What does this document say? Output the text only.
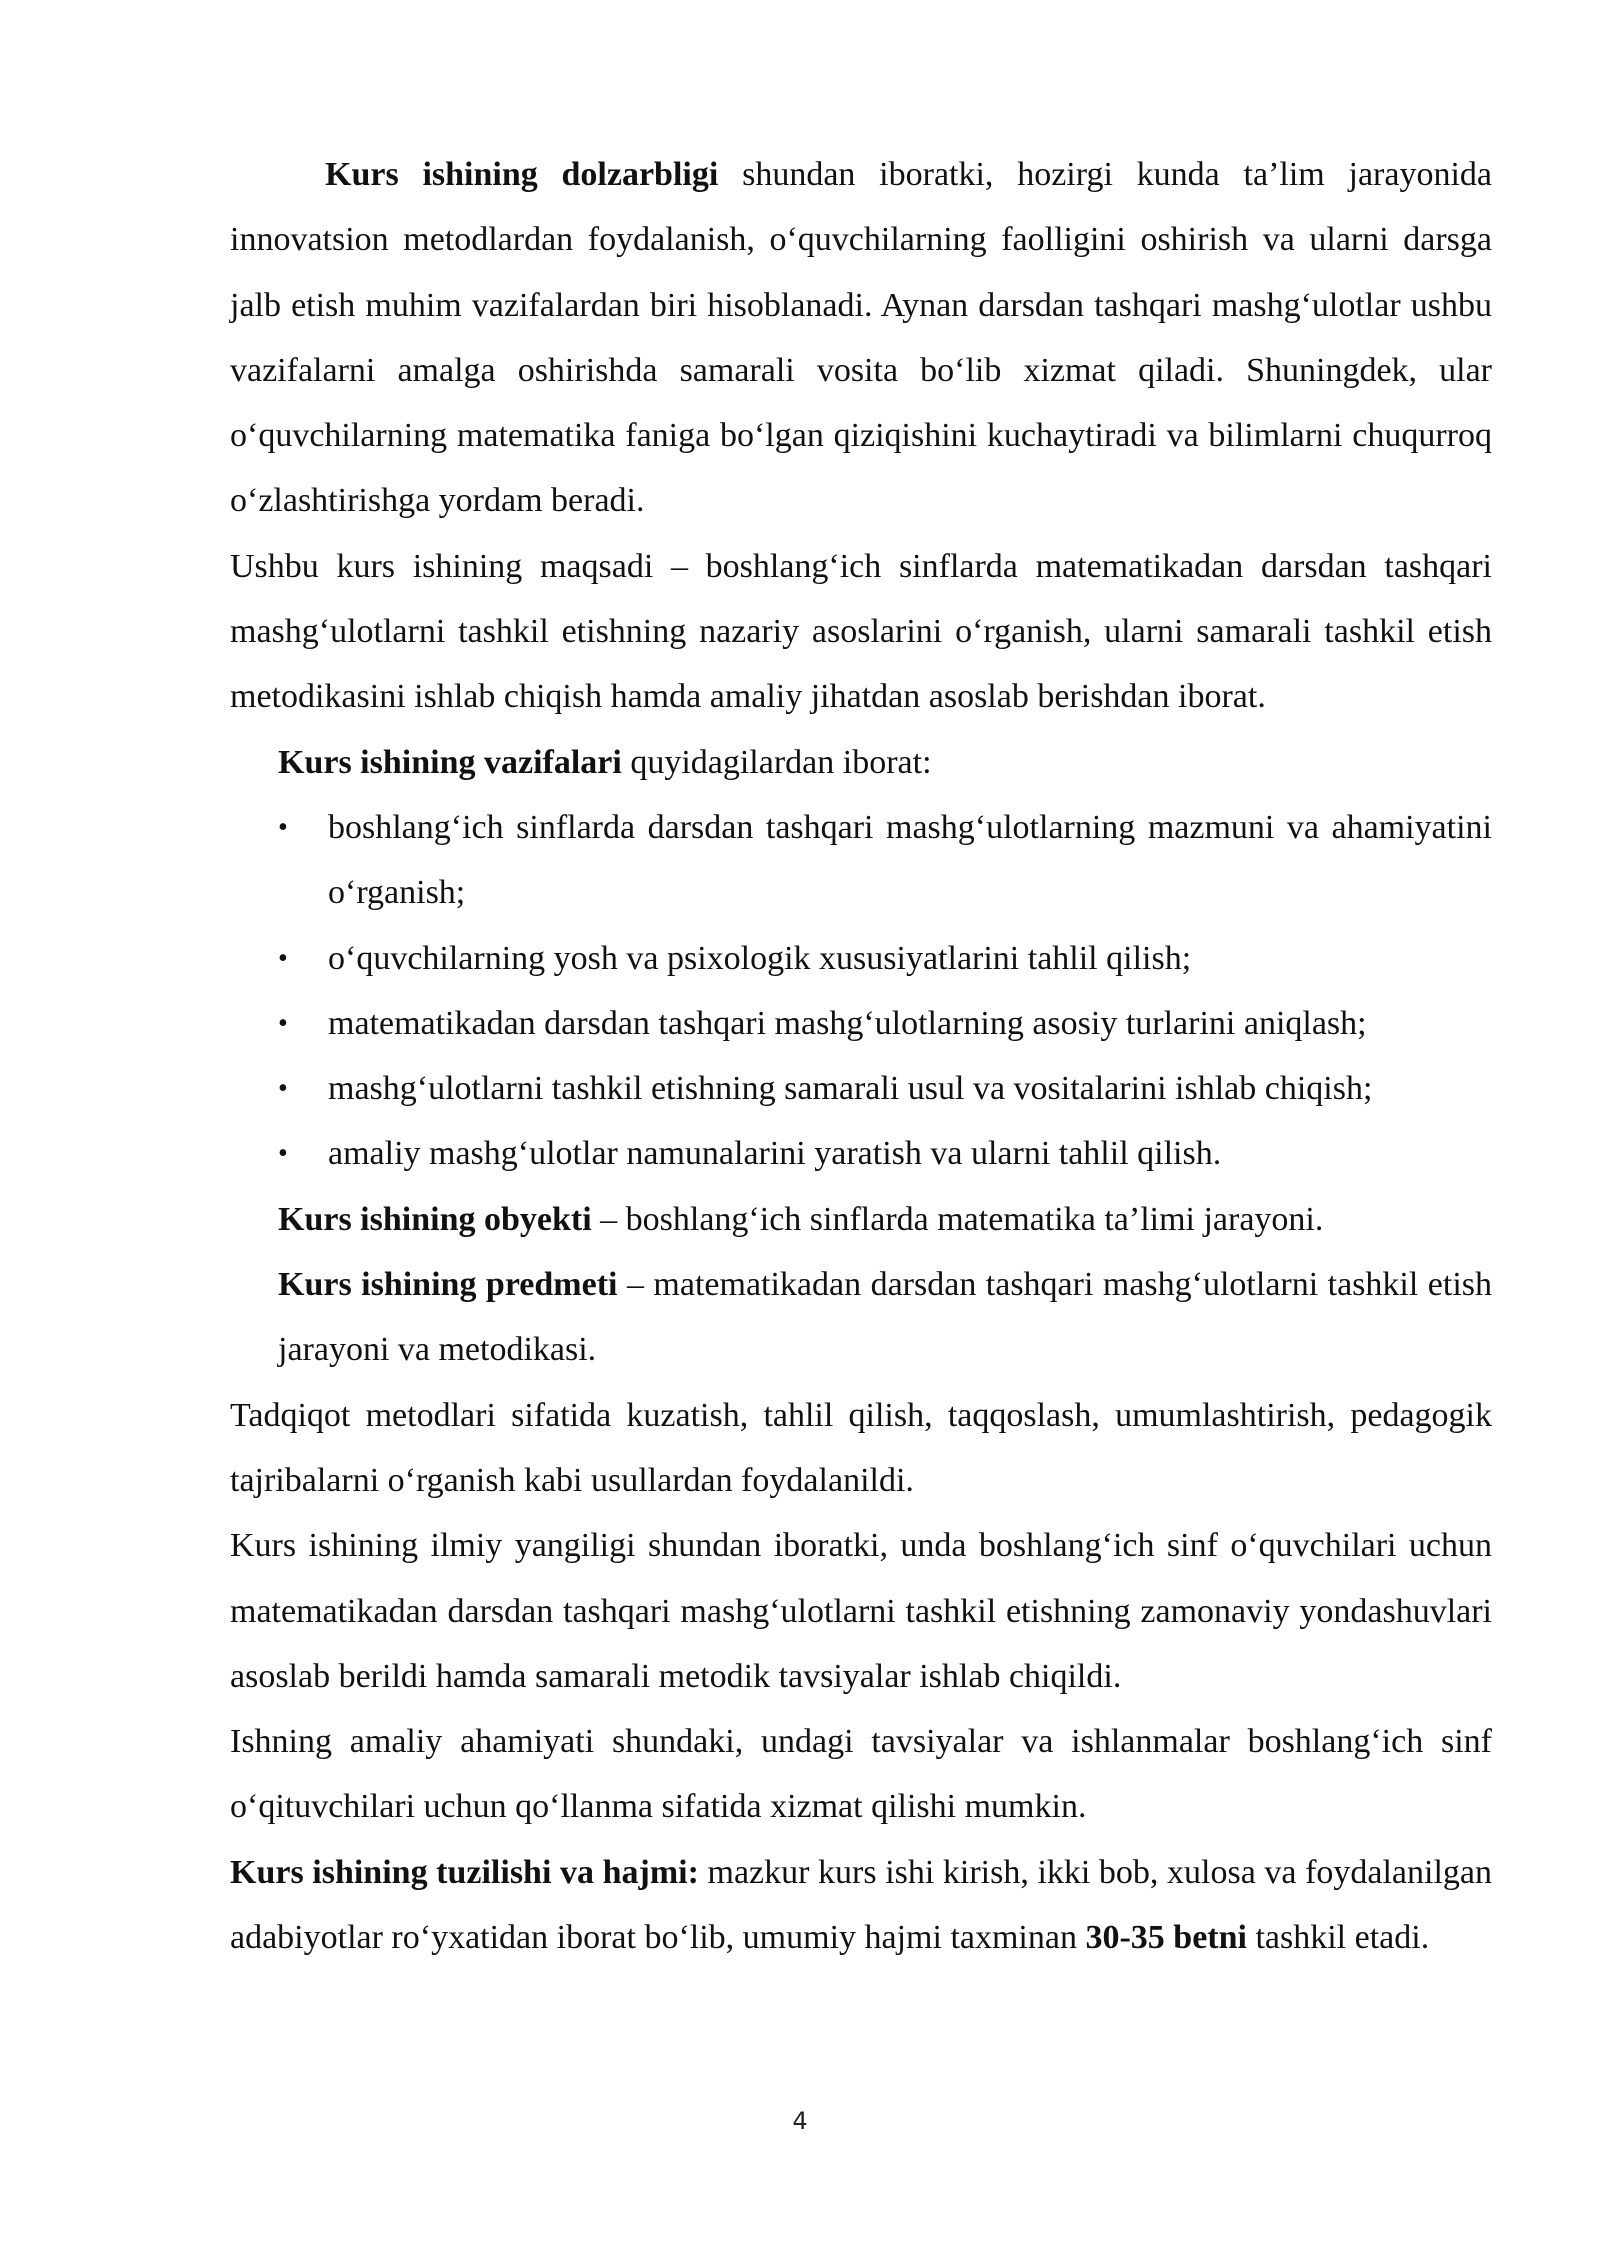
Kurs ishining dolzarbligi shundan iboratki, hozirgi kunda ta’lim jarayonida innovatsion metodlardan foydalanish, o‘quvchilarning faolligini oshirish va ularni darsga jalb etish muhim vazifalardan biri hisoblanadi. Aynan darsdan tashqari mashg‘ulotlar ushbu vazifalarni amalga oshirishda samarali vosita bo‘lib xizmat qiladi. Shuningdek, ular o‘quvchilarning matematika faniga bo‘lgan qiziqishini kuchaytiradi va bilimlarni chuqurroq o‘zlashtirishga yordam beradi.

Ushbu kurs ishining maqsadi – boshlang‘ich sinflarda matematikadan darsdan tashqari mashg‘ulotlarni tashkil etishning nazariy asoslarini o‘rganish, ularni samarali tashkil etish metodikasini ishlab chiqish hamda amaliy jihatdan asoslab berishdan iborat.

Kurs ishining vazifalari quyidagilardan iborat:

• boshlang‘ich sinflarda darsdan tashqari mashg‘ulotlarning mazmuni va ahamiyatini o‘rganish;
• o‘quvchilarning yosh va psixologik xususiyatlarini tahlil qilish;
• matematikadan darsdan tashqari mashg‘ulotlarning asosiy turlarini aniqlash;
• mashg‘ulotlarni tashkil etishning samarali usul va vositalarini ishlab chiqish;
• amaliy mashg‘ulotlar namunalarini yaratish va ularni tahlil qilish.

Kurs ishining obyekti – boshlang‘ich sinflarda matematika ta’limi jarayoni.

Kurs ishining predmeti – matematikadan darsdan tashqari mashg‘ulotlarni tashkil etish jarayoni va metodikasi.

Tadqiqot metodlari sifatida kuzatish, tahlil qilish, taqqoslash, umumlashtirish, pedagogik tajribalarni o‘rganish kabi usullardan foydalanildi.

Kurs ishining ilmiy yangiligi shundan iboratki, unda boshlang‘ich sinf o‘quvchilari uchun matematikadan darsdan tashqari mashg‘ulotlarni tashkil etishning zamonaviy yondashuvlari asoslab berildi hamda samarali metodik tavsiyalar ishlab chiqildi.

Ishning amaliy ahamiyati shundaki, undagi tavsiyalar va ishlanmalar boshlang‘ich sinf o‘qituvchilari uchun qo‘llanma sifatida xizmat qilishi mumkin.

Kurs ishining tuzilishi va hajmi: mazkur kurs ishi kirish, ikki bob, xulosa va foydalanilgan adabiyotlar ro‘yxatidan iborat bo‘lib, umumiy hajmi taxminan 30-35 betni tashkil etadi.

4
